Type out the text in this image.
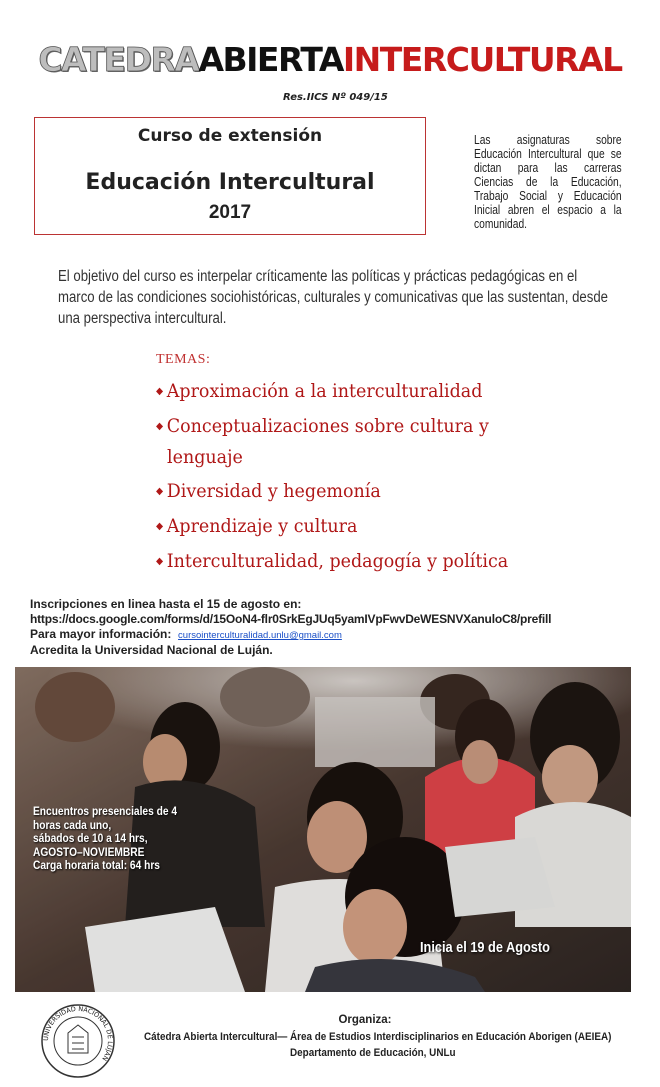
CATEDRAABIERTAINTERCULTURAL
Res.IICS Nº 049/15
Curso de extensión
Educación Intercultural
2017
Las asignaturas sobre Educación Intercultural que se dictan para las carreras Ciencias de la Educación, Trabajo Social y Educación Inicial abren el espacio a la comunidad.
El objetivo del curso es interpelar críticamente las políticas y prácticas pedagógicas en el marco de las condiciones sociohistóricas, culturales y comunicativas que las sustentan, desde una perspectiva intercultural.
TEMAS:
◆ Aproximación a la interculturalidad
◆ Conceptualizaciones sobre cultura y
lenguaje
◆ Diversidad y hegemonía
◆ Aprendizaje y cultura
◆ Interculturalidad, pedagogía y política
Inscripciones en linea hasta el 15 de agosto en:
https://docs.google.com/forms/d/15OoN4-flr0SrkEgJUq5yamIVpFwvDeWESNVXanuloC8/prefill
Para mayor información: cursointerculturalidad.unlu@gmail.com
Acredita la Universidad Nacional de Luján.
Encuentros presenciales de 4
horas cada uno,
sábados de 10 a 14 hrs,
AGOSTO–NOVIEMBRE
Carga horaria total: 64 hrs
Inicia el 19 de Agosto
UNIVERSIDAD NACIONAL DE LUJAN
Organiza:
Cátedra Abierta Intercultural— Área de Estudios Interdisciplinarios en Educación Aborigen (AEIEA)
Departamento de Educación, UNLu
